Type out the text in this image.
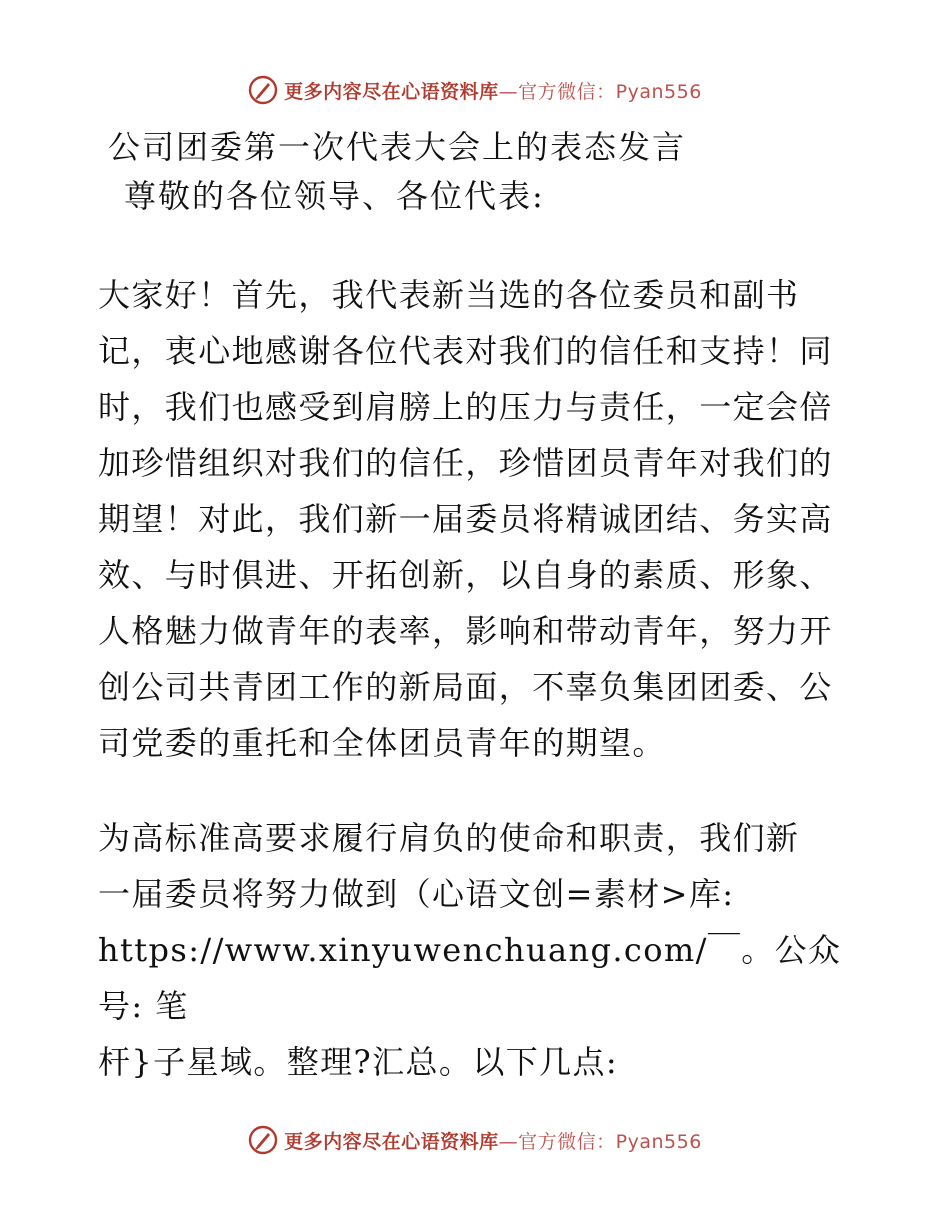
更多内容尽在心语资料库—官方微信：Pyan556
公司团委第一次代表大会上的表态发言

尊敬的各位领导、各位代表:

大家好！首先，我代表新当选的各位委员和副书
记，衷心地感谢各位代表对我们的信任和支持！同
时，我们也感受到肩膀上的压力与责任，一定会倍
加珍惜组织对我们的信任，珍惜团员青年对我们的
期望！对此，我们新一届委员将精诚团结、务实高
效、与时俱进、开拓创新，以自身的素质、形象、
人格魅力做青年的表率，影响和带动青年，努力开
创公司共青团工作的新局面，不辜负集团团委、公
司党委的重托和全体团员青年的期望。

为高标准高要求履行肩负的使命和职责，我们新
一届委员将努力做到（心语文创=素材>库:
https://www.xinyuwenchuang.com/￣。公众号: 笔
杆}子星域。整理?汇总。以下几点:

更多内容尽在心语资料库—官方微信：Pyan556
